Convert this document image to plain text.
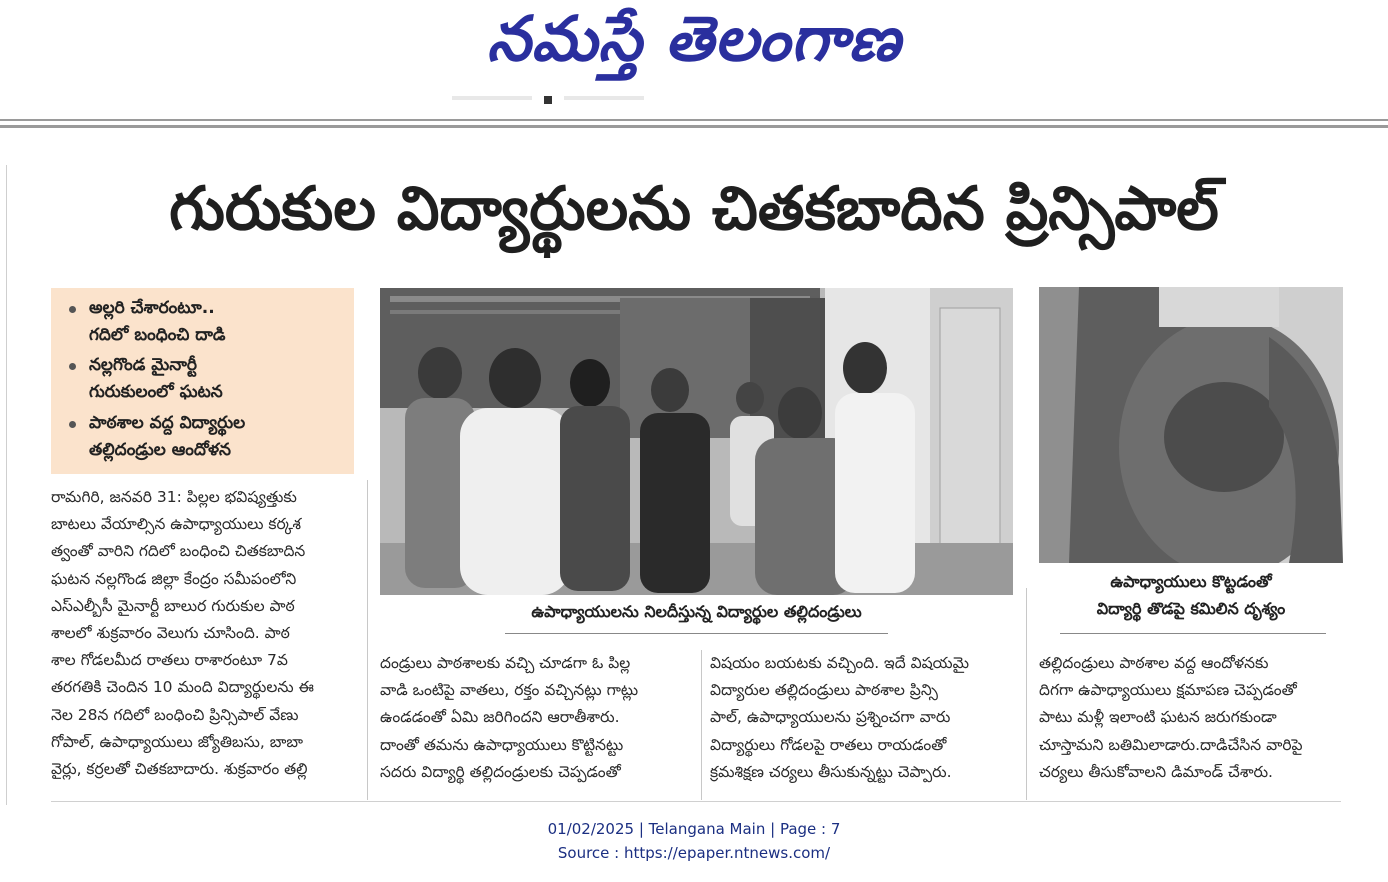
నమస్తే తెలంగాణ
గురుకుల విద్యార్థులను చితకబాదిన ప్రిన్సిపాల్
అల్లరి చేశారంటూ..
గదిలో బంధించి దాడి
నల్లగొండ మైనార్టీ
గురుకులంలో ఘటన
పాఠశాల వద్ద విద్యార్థుల
తల్లిదండ్రుల ఆందోళన
రామగిరి, జనవరి 31: పిల్లల భవిష్యత్తుకు
బాటలు వేయాల్సిన ఉపాధ్యాయులు కర్కశ
త్వంతో వారిని గదిలో బంధించి చితకబాదిన
ఘటన నల్లగొండ జిల్లా కేంద్రం సమీపంలోని
ఎస్ఎల్బీసీ మైనార్టీ బాలుర గురుకుల పాఠ
శాలలో శుక్రవారం వెలుగు చూసింది. పాఠ
శాల గోడలమీద రాతలు రాశారంటూ 7వ
తరగతికి చెందిన 10 మంది విద్యార్థులను ఈ
నెల 28న గదిలో బంధించి ప్రిన్సిపాల్ వేణు
గోపాల్, ఉపాధ్యాయులు జ్యోతిబసు, బాబా
వైర్లు, కర్రలతో చితకబాదారు. శుక్రవారం తల్లి
ఉపాధ్యాయులను నిలదీస్తున్న విద్యార్థుల తల్లిదండ్రులు
ఉపాధ్యాయులు కొట్టడంతో
విద్యార్థి తొడపై కమిలిన దృశ్యం
దండ్రులు పాఠశాలకు వచ్చి చూడగా ఓ పిల్ల
వాడి ఒంటిపై వాతలు, రక్తం వచ్చినట్లు గాట్లు
ఉండడంతో ఏమి జరిగిందని ఆరాతీశారు.
దాంతో తమను ఉపాధ్యాయులు కొట్టినట్టు
సదరు విద్యార్థి తల్లిదండ్రులకు చెప్పడంతో
విషయం బయటకు వచ్చింది. ఇదే విషయమై
విద్యారుల తల్లిదండ్రులు పాఠశాల ప్రిన్సి
పాల్, ఉపాధ్యాయులను ప్రశ్నించగా వారు
విద్యార్థులు గోడలపై రాతలు రాయడంతో
క్రమశిక్షణ చర్యలు తీసుకున్నట్టు చెప్పారు.
తల్లిదండ్రులు పాఠశాల వద్ద ఆందోళనకు
దిగగా ఉపాధ్యాయులు క్షమాపణ చెప్పడంతో
పాటు మళ్లీ ఇలాంటి ఘటన జరుగకుండా
చూస్తామని బతిమిలాడారు.దాడిచేసిన వారిపై
చర్యలు తీసుకోవాలని డిమాండ్ చేశారు.
01/02/2025 | Telangana Main | Page : 7
Source : https://epaper.ntnews.com/
